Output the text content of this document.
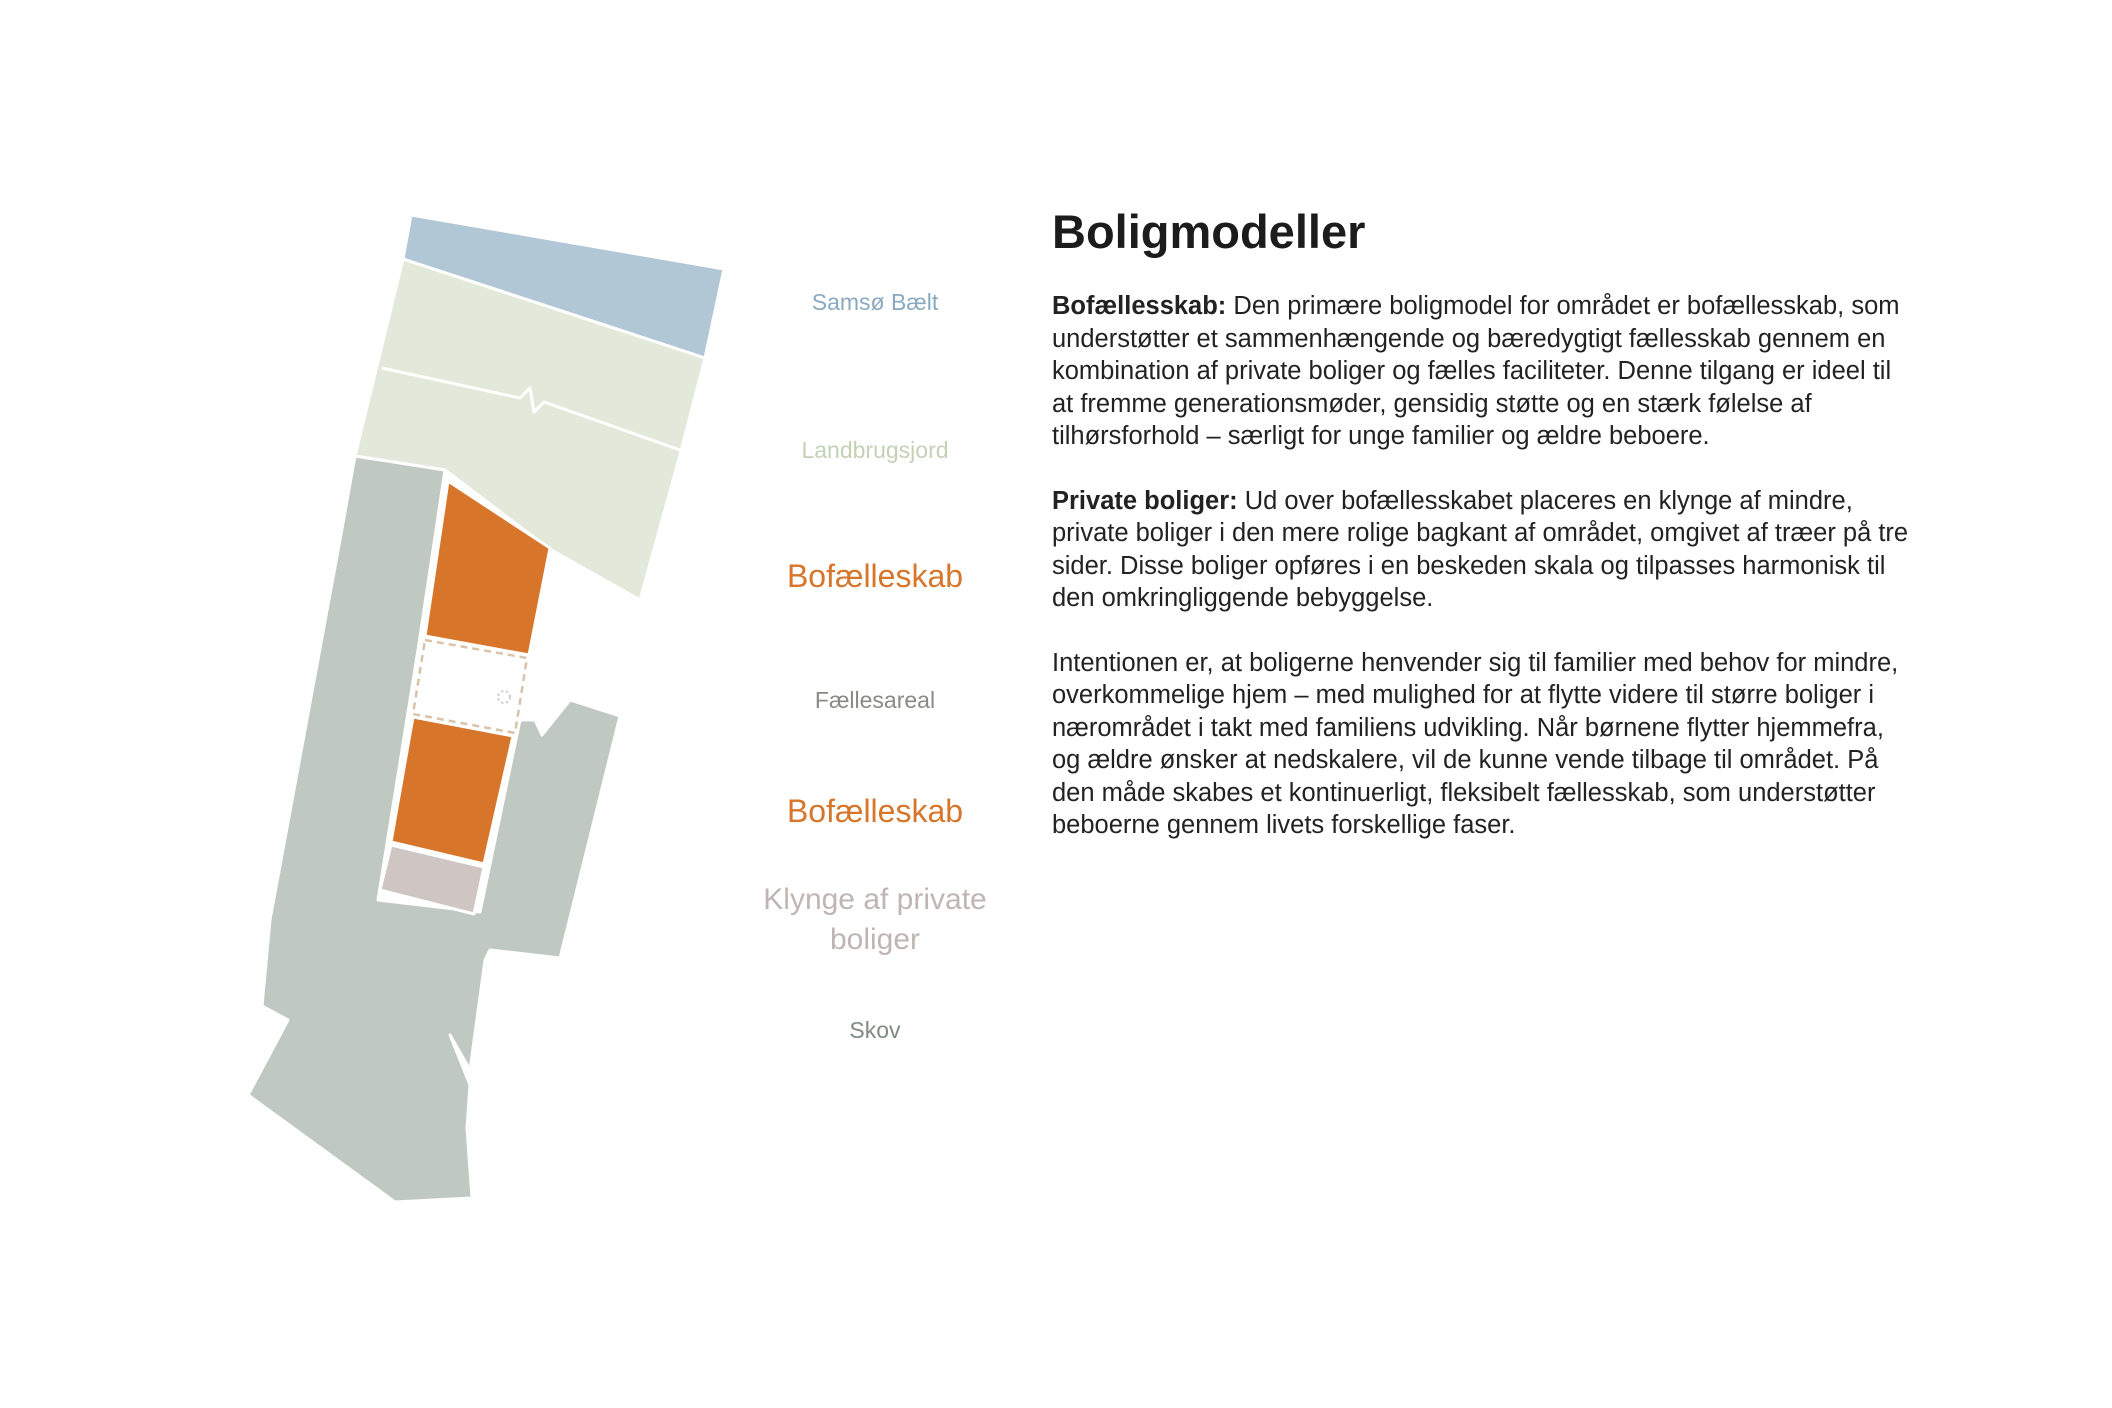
Samsø Bælt
Landbrugsjord
Bofælleskab
Fællesareal
Bofælleskab
Klynge af private boliger
Skov
Boligmodeller

Bofællesskab: Den primære boligmodel for området er bofællesskab, som understøtter et sammenhængende og bæredygtigt fællesskab gennem en kombination af private boliger og fælles faciliteter. Denne tilgang er ideel til at fremme generationsmøder, gensidig støtte og en stærk følelse af tilhørsforhold – særligt for unge familier og ældre beboere.

Private boliger: Ud over bofællesskabet placeres en klynge af mindre, private boliger i den mere rolige bagkant af området, omgivet af træer på tre sider. Disse boliger opføres i en beskeden skala og tilpasses harmonisk til den omkringliggende bebyggelse.

Intentionen er, at boligerne henvender sig til familier med behov for mindre, overkommelige hjem – med mulighed for at flytte videre til større boliger i nærområdet i takt med familiens udvikling. Når børnene flytter hjemmefra, og ældre ønsker at nedskalere, vil de kunne vende tilbage til området. På den måde skabes et kontinuerligt, fleksibelt fællesskab, som understøtter beboerne gennem livets forskellige faser.
